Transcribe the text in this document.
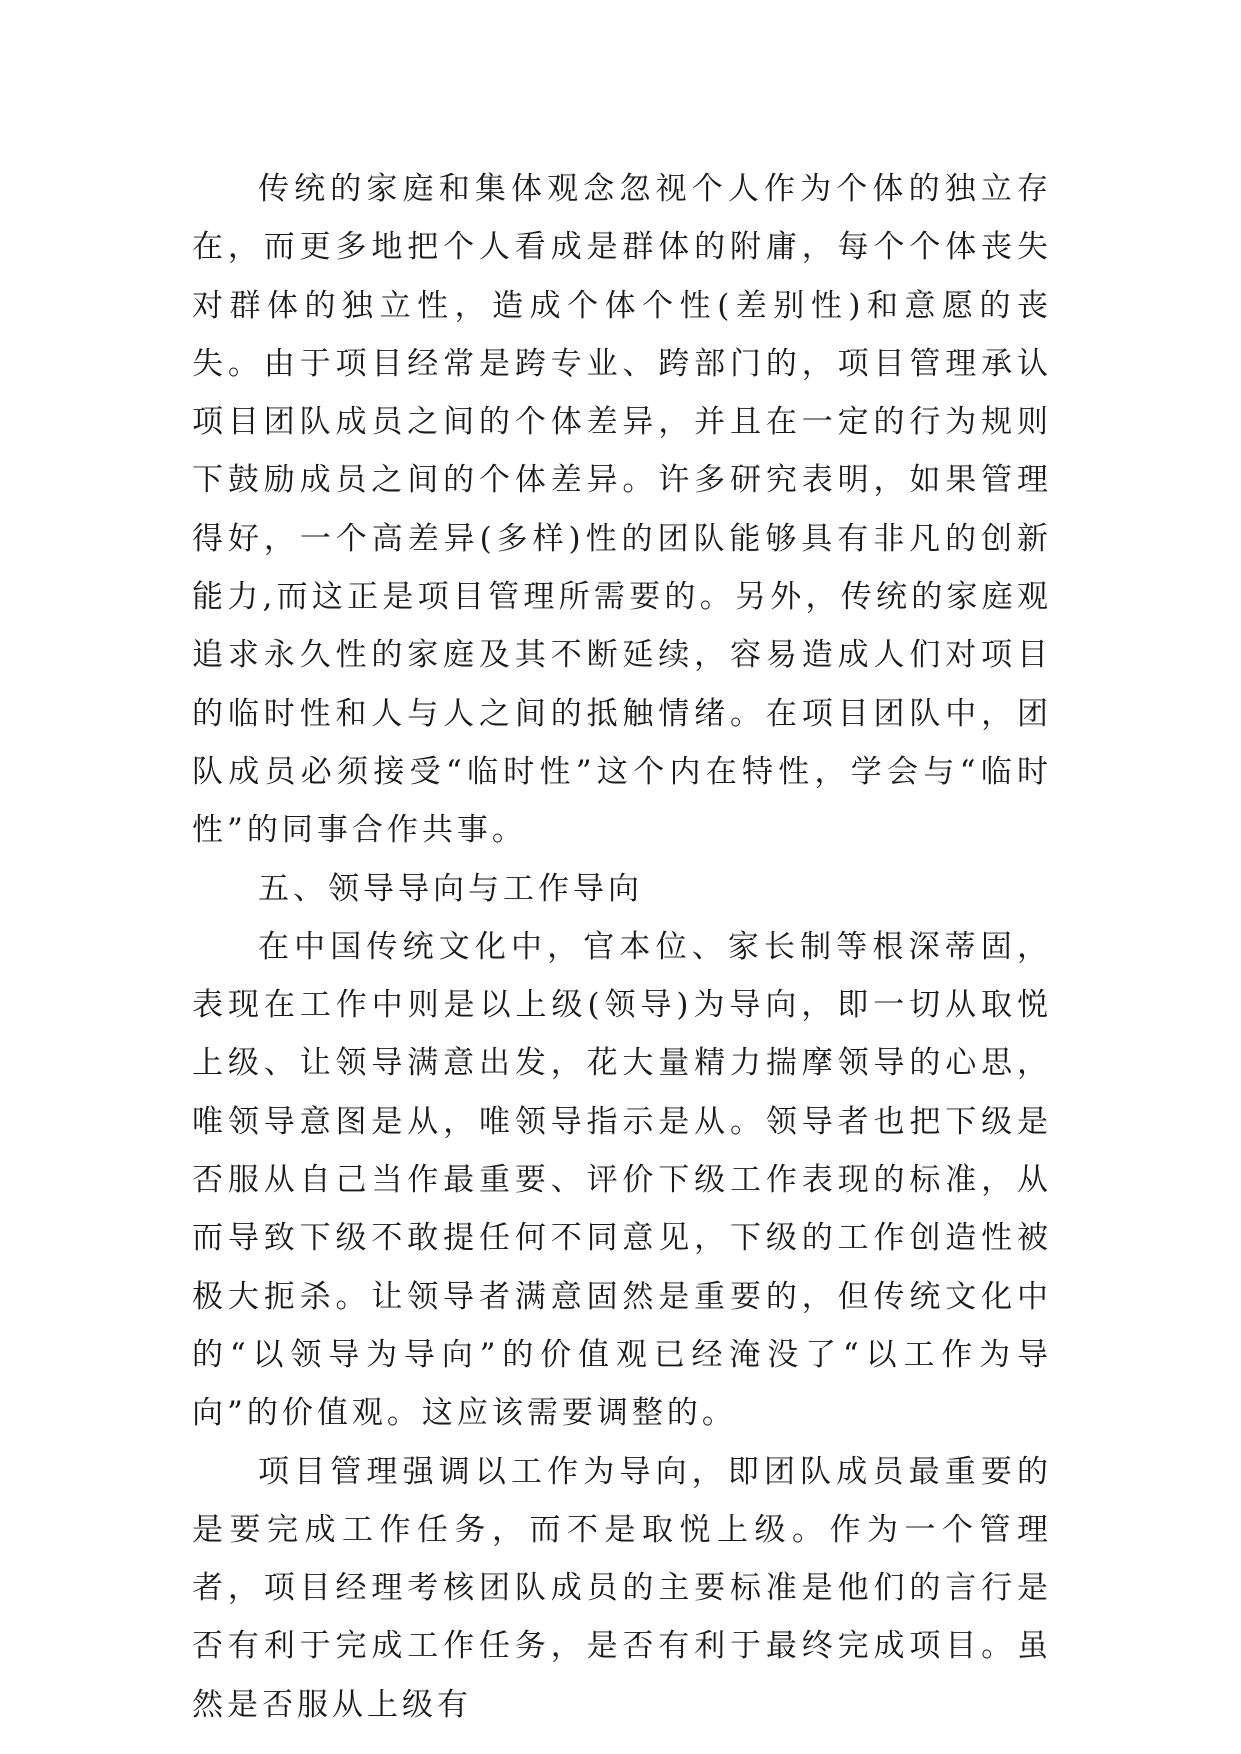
传统的家庭和集体观念忽视个人作为个体的独立存在，而更多地把个人看成是群体的附庸，每个个体丧失对群体的独立性，造成个体个性(差别性)和意愿的丧失。由于项目经常是跨专业、跨部门的，项目管理承认项目团队成员之间的个体差异，并且在一定的行为规则下鼓励成员之间的个体差异。许多研究表明，如果管理得好，一个高差异(多样)性的团队能够具有非凡的创新能力,而这正是项目管理所需要的。另外，传统的家庭观追求永久性的家庭及其不断延续，容易造成人们对项目的临时性和人与人之间的抵触情绪。在项目团队中，团队成员必须接受“临时性”这个内在特性，学会与“临时性”的同事合作共事。

五、领导导向与工作导向

在中国传统文化中，官本位、家长制等根深蒂固，表现在工作中则是以上级(领导)为导向，即一切从取悦上级、让领导满意出发，花大量精力揣摩领导的心思，唯领导意图是从，唯领导指示是从。领导者也把下级是否服从自己当作最重要、评价下级工作表现的标准，从而导致下级不敢提任何不同意见，下级的工作创造性被极大扼杀。让领导者满意固然是重要的，但传统文化中的“以领导为导向”的价值观已经淹没了“以工作为导向”的价值观。这应该需要调整的。

项目管理强调以工作为导向，即团队成员最重要的是要完成工作任务，而不是取悦上级。作为一个管理者，项目经理考核团队成员的主要标准是他们的言行是否有利于完成工作任务，是否有利于最终完成项目。虽然是否服从上级有
